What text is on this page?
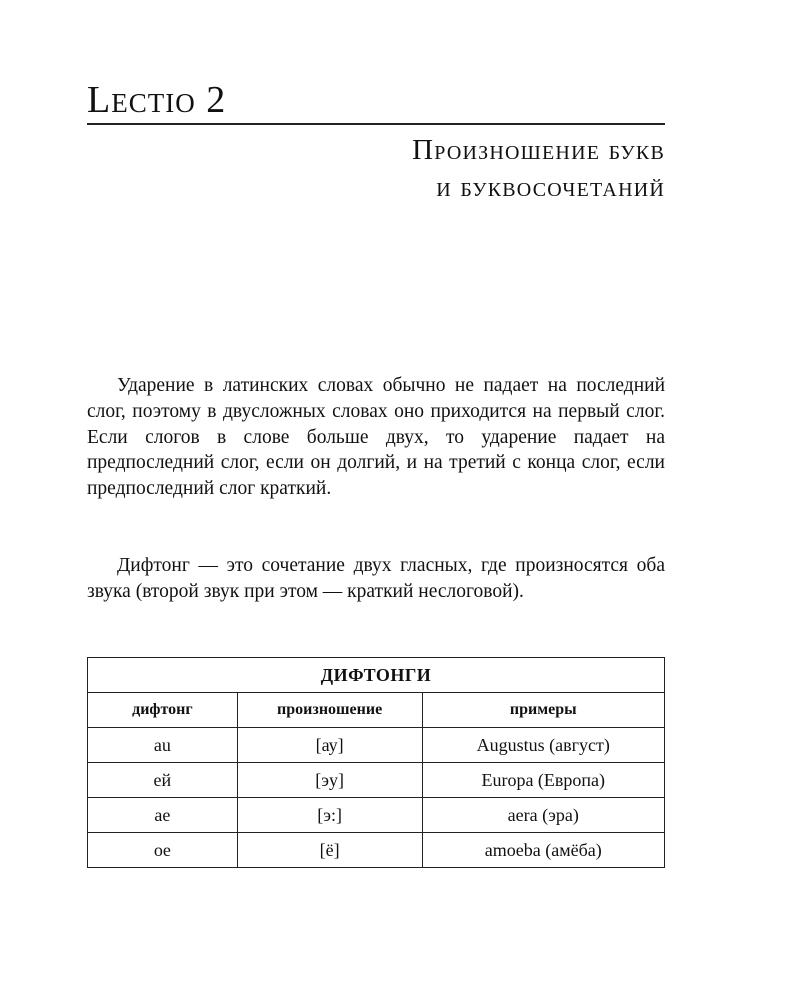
Lectio 2
Произношение букв
и буквосочетаний

Ударение в латинских словах обычно не падает на последний слог, поэтому в двусложных словах оно приходится на первый слог. Если слогов в слове больше двух, то ударение падает на предпоследний слог, если он долгий, и на третий с конца слог, если предпоследний слог краткий.

Дифтонг — это сочетание двух гласных, где произносятся оба звука (второй звук при этом — краткий неслоговой).

ДИФТОНГИ		
дифтонг	произношение	примеры
au	[ау]	Augustus (август)
ей	[эу]	Europa (Европа)
ae	[э:]	aera (эра)
oe	[ё]	amoeba (амёба)
